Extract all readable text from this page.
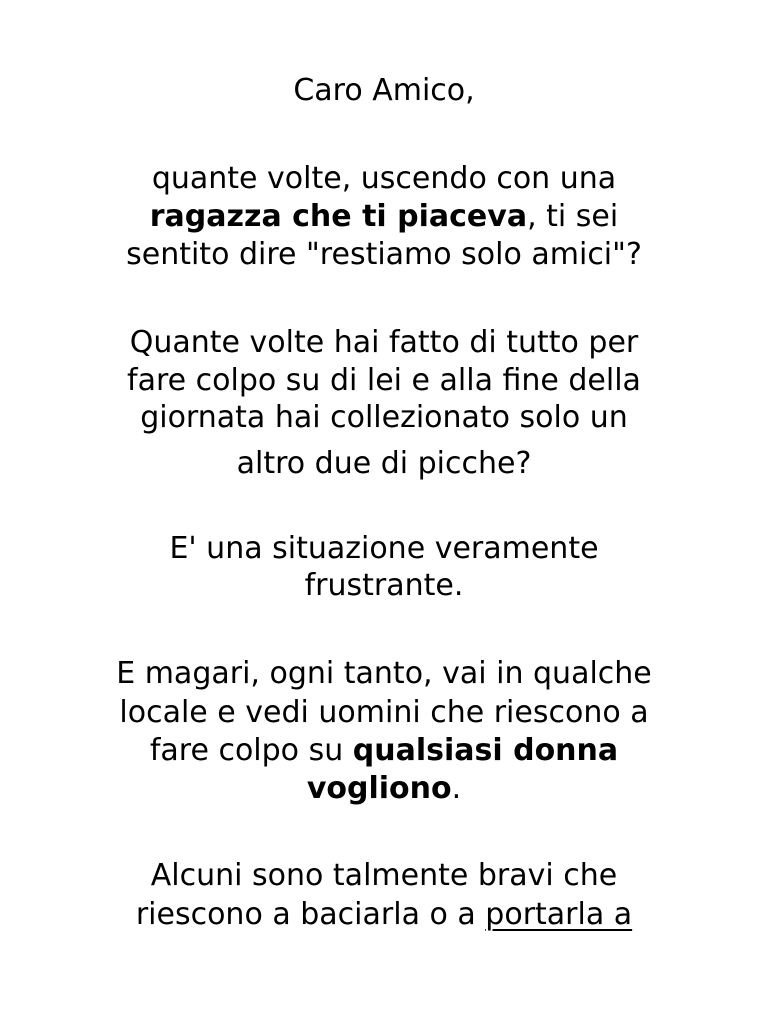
Caro Amico,
quante volte, uscendo con una
ragazza che ti piaceva, ti sei
sentito dire "restiamo solo amici"?
Quante volte hai fatto di tutto per
fare colpo su di lei e alla fine della
giornata hai collezionato solo un
altro due di picche?
E' una situazione veramente
frustrante.
E magari, ogni tanto, vai in qualche
locale e vedi uomini che riescono a
fare colpo su qualsiasi donna
vogliono.
Alcuni sono talmente bravi che
riescono a baciarla o a portarla a
